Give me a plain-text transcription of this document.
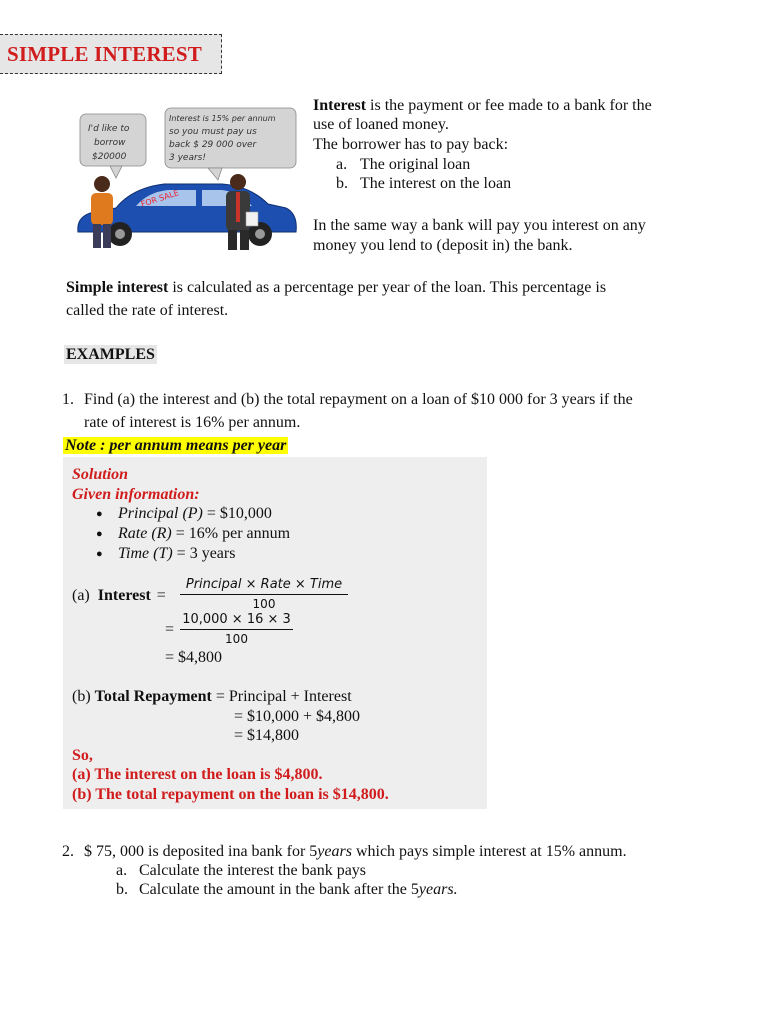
SIMPLE INTEREST
I'd like to
borrow
$20000
Interest is 15% per annum
so you must pay us
back $ 29 000 over
3 years!
FOR SALE
Interest is the payment or fee made to a bank for the
use of loaned money.
The borrower has to pay back:
a. The original loan
b. The interest on the loan
In the same way a bank will pay you interest on any
money you lend to (deposit in) the bank.
Simple interest is calculated as a percentage per year of the loan. This percentage is
called the rate of interest.
EXAMPLES
1. Find (a) the interest and (b) the total repayment on a loan of $10 000 for 3 years if the
rate of interest is 16% per annum.
Note : per annum means per year
Solution
Given information:
● Principal (P) = $10,000
● Rate (R) = 16% per annum
● Time (T) = 3 years
(a) Interest =
Principal × Rate × Time
100
=
10,000 × 16 × 3
100
= $4,800
(b) Total Repayment = Principal + Interest
= $10,000 + $4,800
= $14,800
So,
(a) The interest on the loan is $4,800.
(b) The total repayment on the loan is $14,800.
2. $ 75, 000 is deposited ina bank for 5years which pays simple interest at 15% annum.
a. Calculate the interest the bank pays
b. Calculate the amount in the bank after the 5years.
